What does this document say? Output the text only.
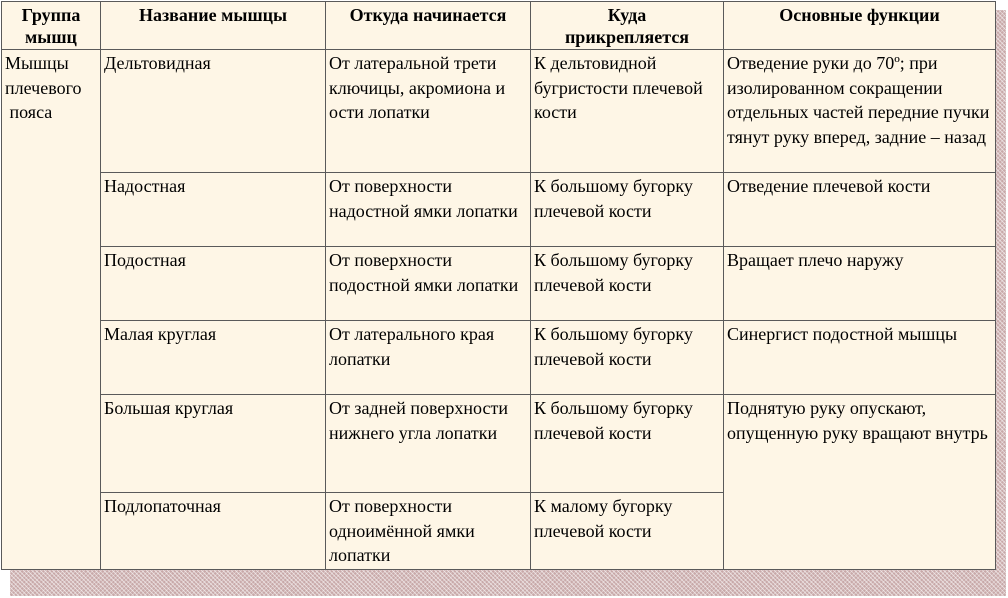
Группа
мышц	Название мышцы	Откуда начинается	Куда
прикрепляется	Основные функции

Мышцы
плечевого
пояса	Дельтовидная	От латеральной трети ключицы, акромиона и ости лопатки	К дельтовидной бугристости плечевой кости	Отведение руки до 70º; при изолированном сокращении отдельных частей передние пучки тянут руку вперед, задние – назад
	Надостная	От поверхности надостной ямки лопатки	К большому бугорку плечевой кости	Отведение плечевой кости
	Подостная	От поверхности подостной ямки лопатки	К большому бугорку плечевой кости	Вращает плечо наружу
	Малая круглая	От латерального края лопатки	К большому бугорку плечевой кости	Синергист подостной мышцы
	Большая круглая	От задней поверхности нижнего угла лопатки	К большому бугорку плечевой кости	Поднятую руку опускают, опущенную руку вращают внутрь
	Подлопаточная	От поверхности одноимённой ямки лопатки	К малому бугорку плечевой кости	
